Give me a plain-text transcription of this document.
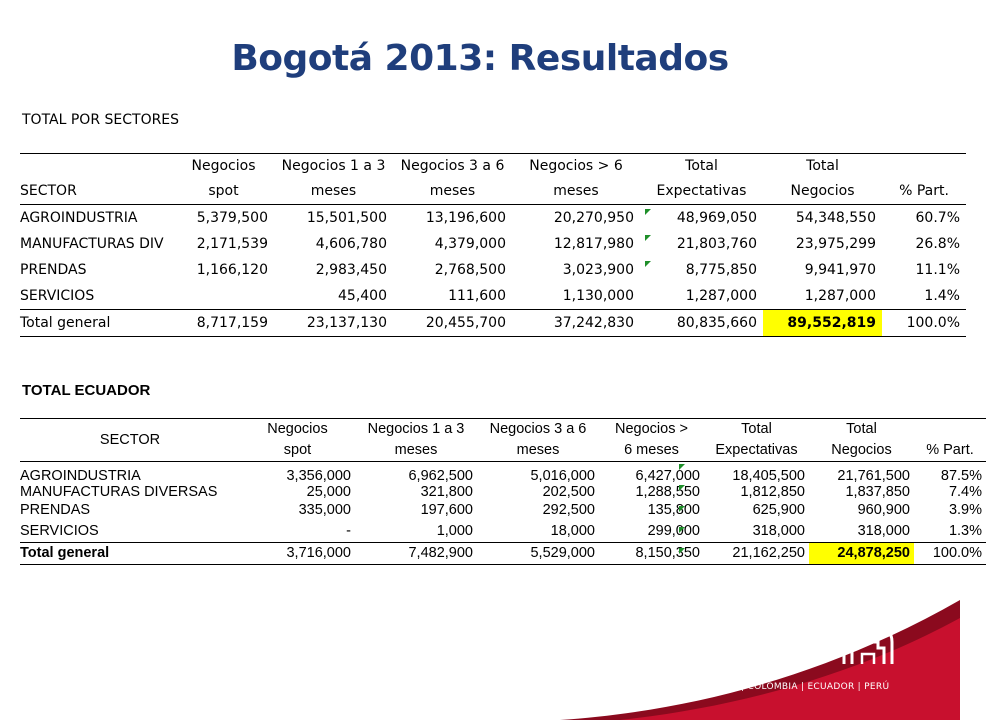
Bogotá 2013: Resultados
TOTAL POR SECTORES
	Negocios	Negocios 1 a 3	Negocios 3 a 6	Negocios > 6	Total	Total	
SECTOR	spot	meses	meses	meses	Expectativas	Negocios	% Part.
AGROINDUSTRIA	5,379,500	15,501,500	13,196,600	20,270,950	48,969,050	54,348,550	60.7%
MANUFACTURAS DIV	2,171,539	4,606,780	4,379,000	12,817,980	21,803,760	23,975,299	26.8%
PRENDAS	1,166,120	2,983,450	2,768,500	3,023,900	8,775,850	9,941,970	11.1%
SERVICIOS		45,400	111,600	1,130,000	1,287,000	1,287,000	1.4%
Total general	8,717,159	23,137,130	20,455,700	37,242,830	80,835,660	89,552,819	100.0%
TOTAL ECUADOR
	Negocios	Negocios 1 a 3	Negocios 3 a 6	Negocios >	Total	Total	
SECTOR	spot	meses	meses	6 meses	Expectativas	Negocios	% Part.

AGROINDUSTRIA	3,356,000	6,962,500	5,016,000	6,427,000	18,405,500	21,761,500	87.5%
MANUFACTURAS DIVERSAS	25,000	321,800	202,500	1,288,550	1,812,850	1,837,850	7.4%
PRENDAS	335,000	197,600	292,500	135,800	625,900	960,900	3.9%
SERVICIOS	-	1,000	18,000	299,000	318,000	318,000	1.3%
Total general	3,716,000	7,482,900	5,529,000	8,150,350	21,162,250	24,878,250	100.0%
COMUNIDAD
ANDINA
BOLIVIA | COLOMBIA | ECUADOR | PERÚ
